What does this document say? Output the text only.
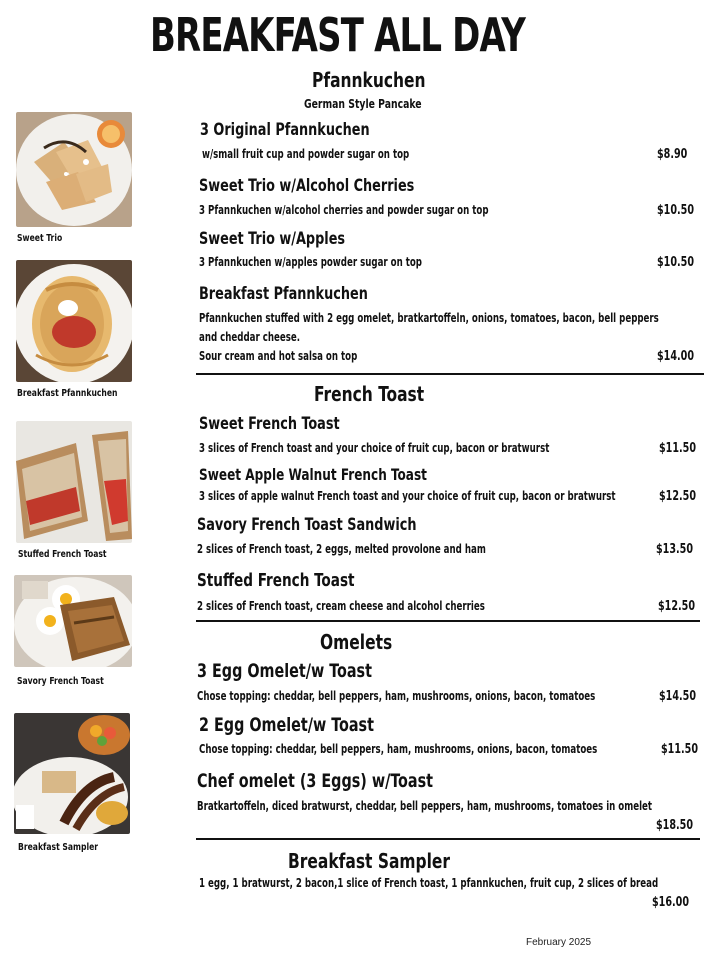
BREAKFAST ALL DAY
Pfannkuchen
German Style Pancake
3 Original Pfannkuchen
w/small fruit cup and powder sugar on top	$8.90
Sweet Trio w/Alcohol Cherries
3 Pfannkuchen w/alcohol cherries and powder sugar on top	$10.50
Sweet Trio w/Apples
3 Pfannkuchen w/apples powder sugar on top	$10.50
Breakfast Pfannkuchen
Pfannkuchen stuffed with 2 egg omelet, bratkartoffeln, onions, tomatoes, bacon, bell peppers
and cheddar cheese.
Sour cream and hot salsa on top	$14.00
French Toast
Sweet French Toast
3 slices of French toast and your choice of fruit cup, bacon or bratwurst	$11.50
Sweet Apple Walnut French Toast
3 slices of apple walnut French toast and your choice of fruit cup, bacon or bratwurst	$12.50
Savory French Toast Sandwich
2 slices of French toast, 2 eggs, melted provolone and ham	$13.50
Stuffed French Toast
2 slices of French toast, cream cheese and alcohol cherries	$12.50
Omelets
3 Egg Omelet/w Toast
Chose topping: cheddar, bell peppers, ham, mushrooms, onions, bacon, tomatoes	$14.50
2 Egg Omelet/w Toast
Chose topping: cheddar, bell peppers, ham, mushrooms, onions, bacon, tomatoes	$11.50
Chef omelet (3 Eggs) w/Toast
Bratkartoffeln, diced bratwurst, cheddar, bell peppers, ham, mushrooms, tomatoes in omelet
$18.50
Breakfast Sampler
1 egg, 1 bratwurst, 2 bacon,1 slice of French toast, 1 pfannkuchen, fruit cup, 2 slices of bread
$16.00
Sweet Trio
Breakfast Pfannkuchen
Stuffed French Toast
Savory French Toast
Breakfast Sampler
February 2025
